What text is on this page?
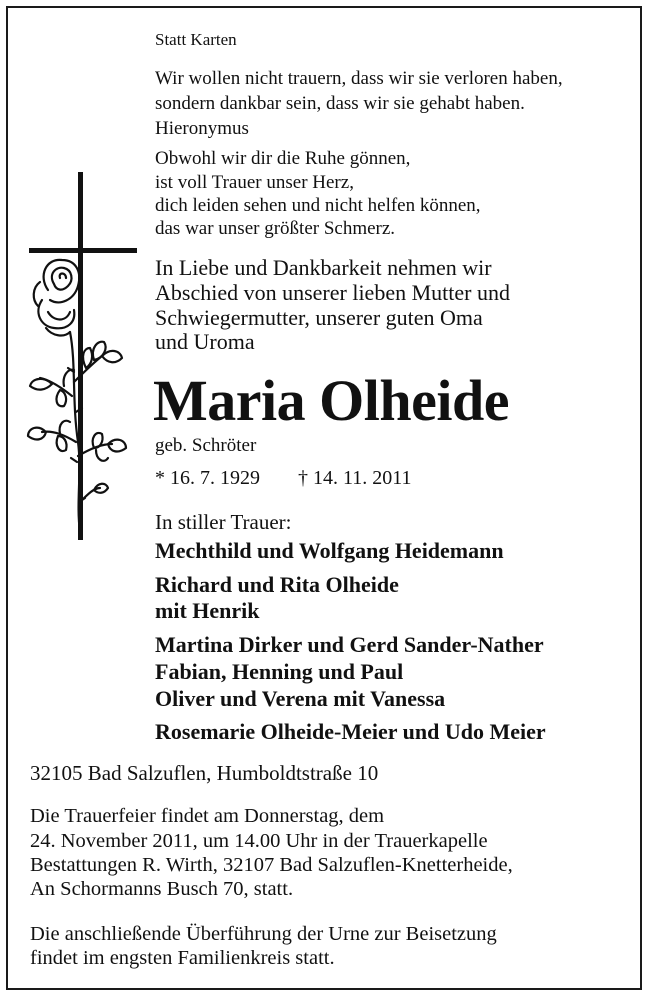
Statt Karten
Wir wollen nicht trauern, dass wir sie verloren haben,
sondern dankbar sein, dass wir sie gehabt haben.
Hieronymus
Obwohl wir dir die Ruhe gönnen,
ist voll Trauer unser Herz,
dich leiden sehen und nicht helfen können,
das war unser größter Schmerz.
In Liebe und Dankbarkeit nehmen wir
Abschied von unserer lieben Mutter und
Schwiegermutter, unserer guten Oma
und Uroma
Maria Olheide
geb. Schröter
* 16. 7. 1929 † 14. 11. 2011
In stiller Trauer:
Mechthild und Wolfgang Heidemann
Richard und Rita Olheide
mit Henrik
Martina Dirker und Gerd Sander-Nather
Fabian, Henning und Paul
Oliver und Verena mit Vanessa
Rosemarie Olheide-Meier und Udo Meier
32105 Bad Salzuflen, Humboldtstraße 10
Die Trauerfeier findet am Donnerstag, dem
24. November 2011, um 14.00 Uhr in der Trauerkapelle
Bestattungen R. Wirth, 32107 Bad Salzuflen-Knetterheide,
An Schormanns Busch 70, statt.
Die anschließende Überführung der Urne zur Beisetzung
findet im engsten Familienkreis statt.
